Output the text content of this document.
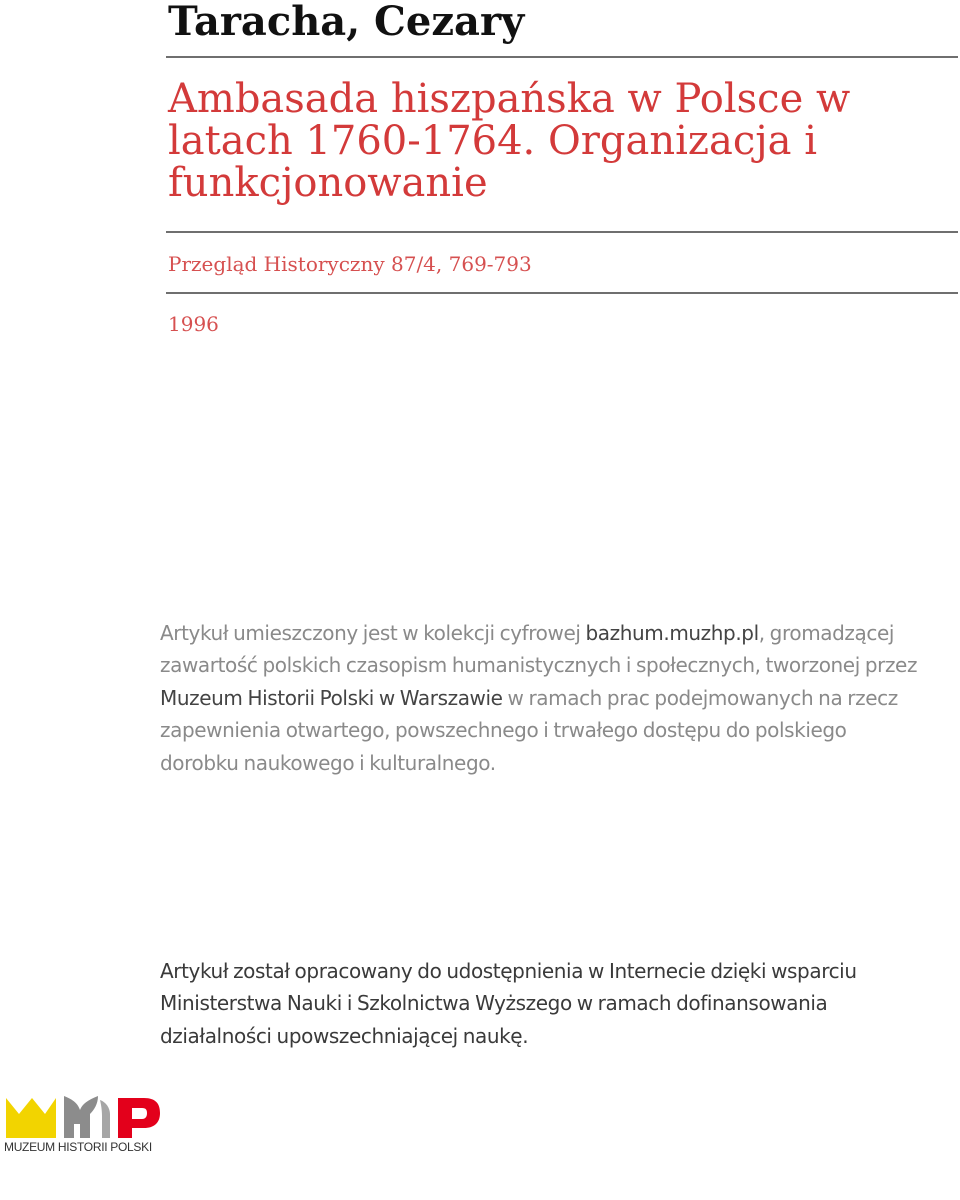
Taracha, Cezary
Ambasada hiszpańska w Polsce w latach 1760-1764. Organizacja i funkcjonowanie
Przegląd Historyczny 87/4, 769-793
1996
Artykuł umieszczony jest w kolekcji cyfrowej bazhum.muzhp.pl, gromadzącej zawartość polskich czasopism humanistycznych i społecznych, tworzonej przez Muzeum Historii Polski w Warszawie w ramach prac podejmowanych na rzecz zapewnienia otwartego, powszechnego i trwałego dostępu do polskiego dorobku naukowego i kulturalnego.
Artykuł został opracowany do udostępnienia w Internecie dzięki wsparciu Ministerstwa Nauki i Szkolnictwa Wyższego w ramach dofinansowania działalności upowszechniającej naukę.
MUZEUM HISTORII POLSKI
